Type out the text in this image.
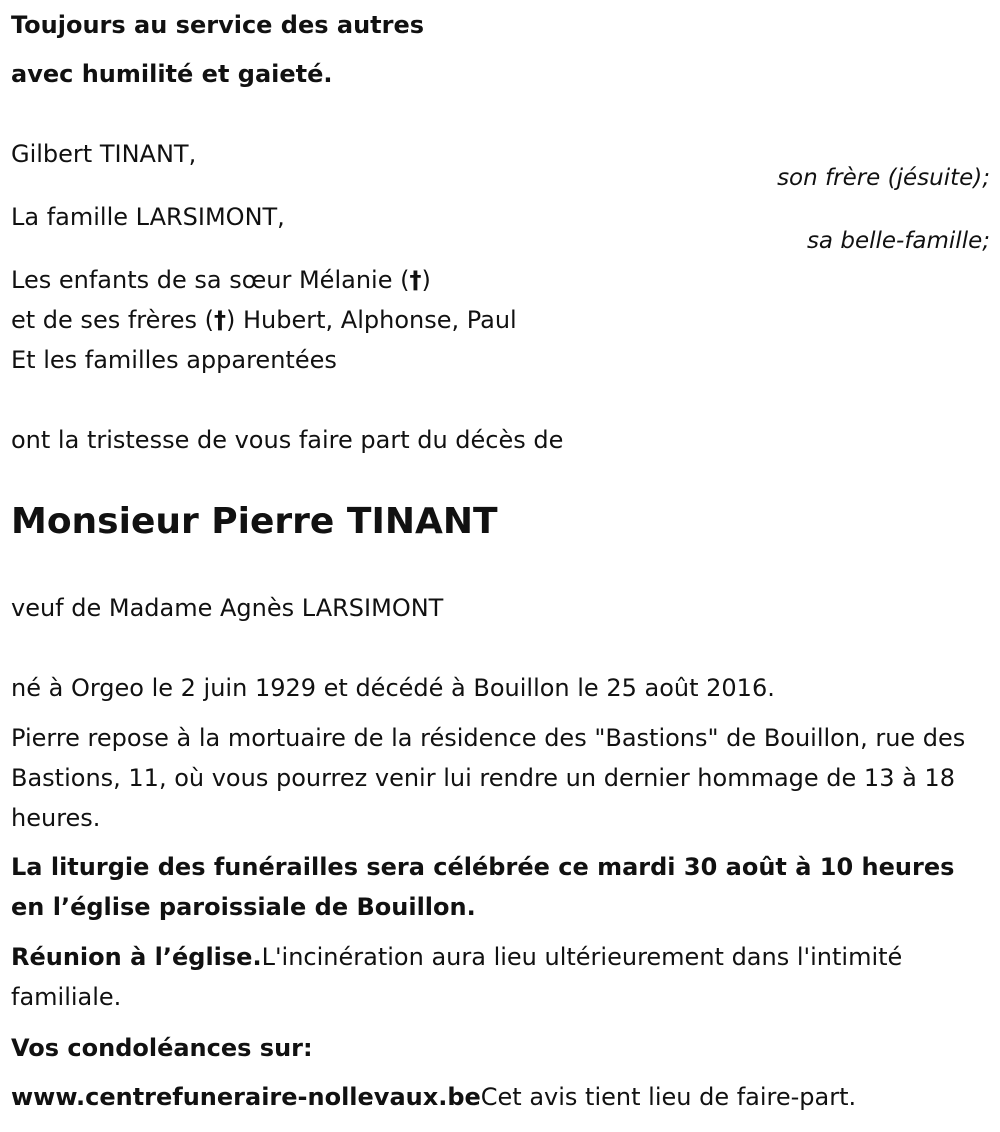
Toujours au service des autres
avec humilité et gaieté.
Gilbert TINANT,
son frère (jésuite);
La famille LARSIMONT,
sa belle-famille;
Les enfants de sa sœur Mélanie (†)
et de ses frères (†) Hubert, Alphonse, Paul
Et les familles apparentées
ont la tristesse de vous faire part du décès de
Monsieur Pierre TINANT
veuf de Madame Agnès LARSIMONT
né à Orgeo le 2 juin 1929 et décédé à Bouillon le 25 août 2016.
Pierre repose à la mortuaire de la résidence des "Bastions" de Bouillon, rue des Bastions, 11, où vous pourrez venir lui rendre un dernier hommage de 13 à 18 heures.
La liturgie des funérailles sera célébrée ce mardi 30 août à 10 heures en l’église paroissiale de Bouillon.
Réunion à l’église.L'incinération aura lieu ultérieurement dans l'intimité familiale.
Vos condoléances sur:
www.centrefuneraire-nollevaux.beCet avis tient lieu de faire-part.
